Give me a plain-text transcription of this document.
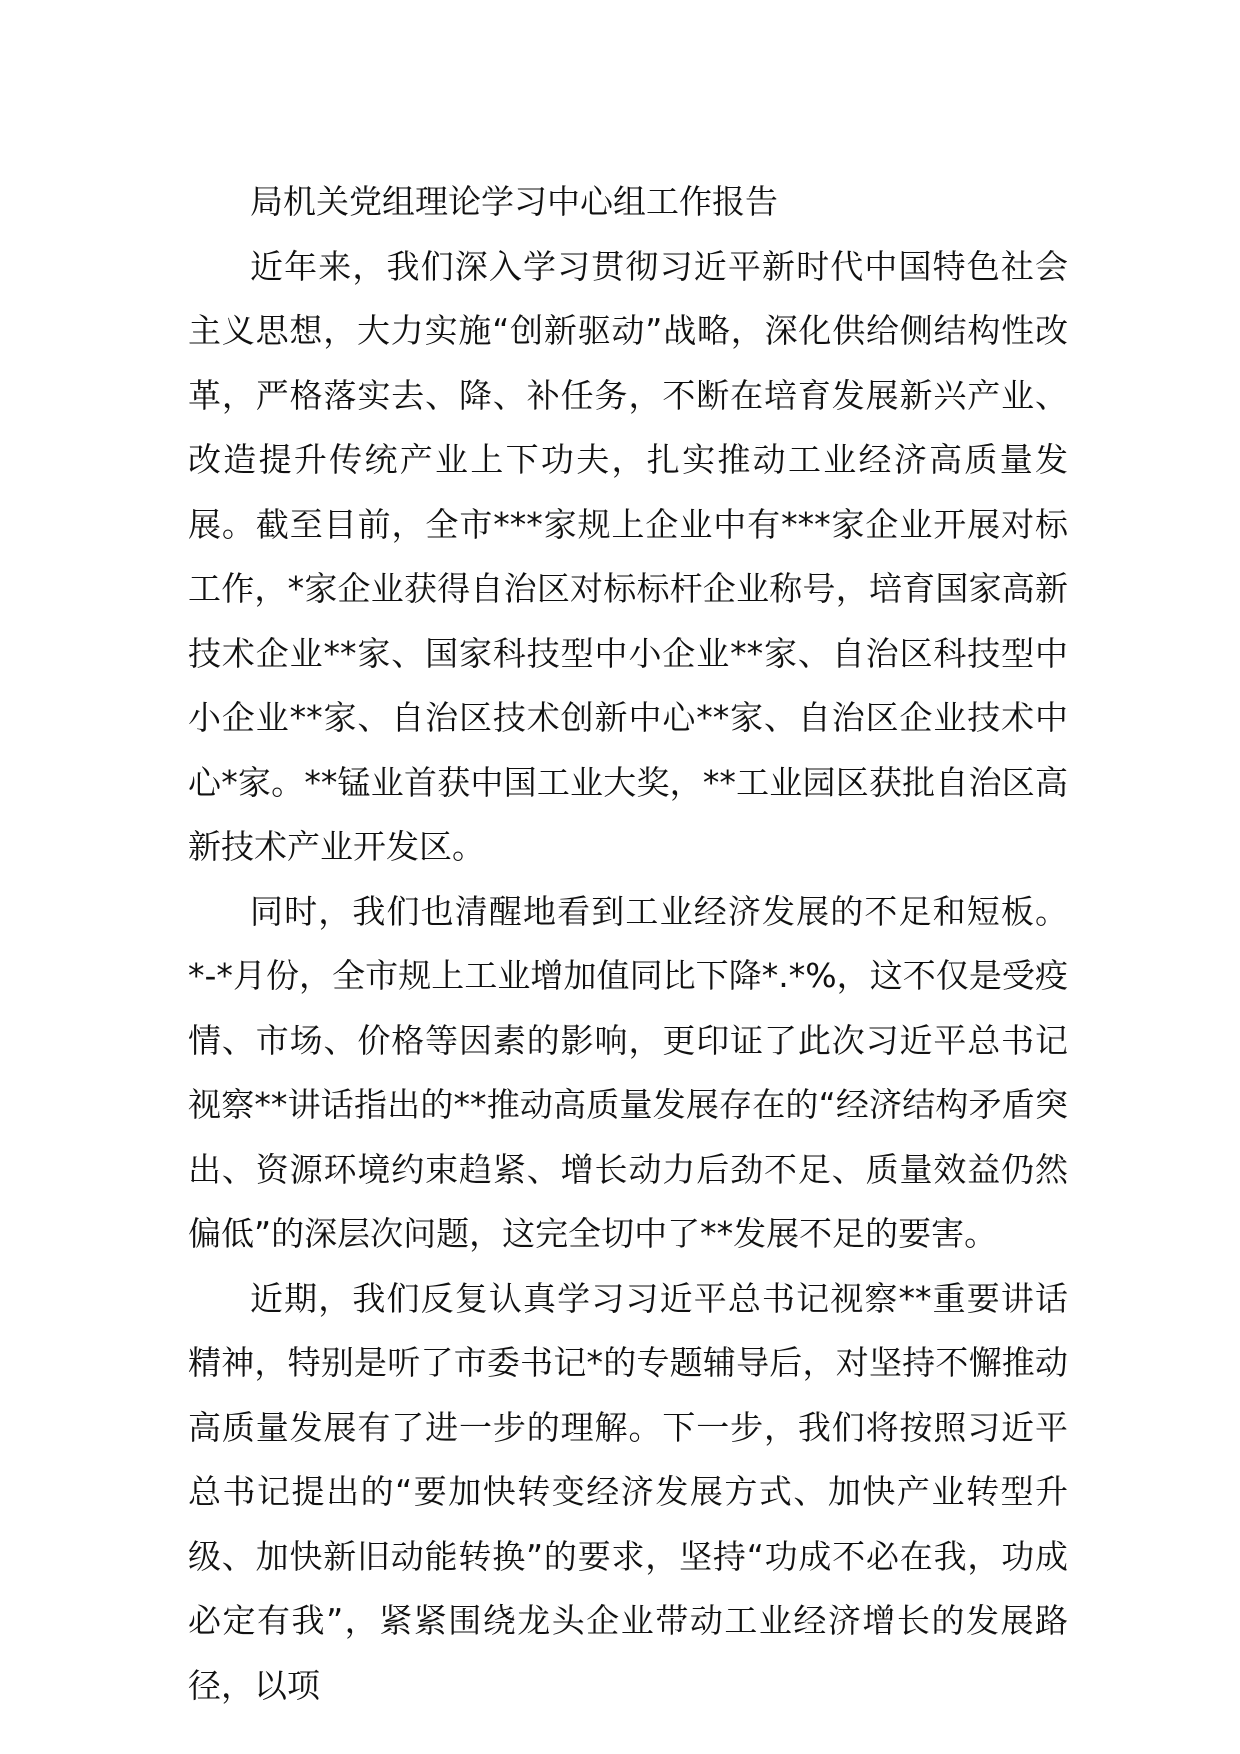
局机关党组理论学习中心组工作报告

近年来，我们深入学习贯彻习近平新时代中国特色社会主义思想，大力实施“创新驱动”战略，深化供给侧结构性改革，严格落实去、降、补任务，不断在培育发展新兴产业、改造提升传统产业上下功夫，扎实推动工业经济高质量发展。截至目前，全市***家规上企业中有***家企业开展对标工作，*家企业获得自治区对标标杆企业称号，培育国家高新技术企业**家、国家科技型中小企业**家、自治区科技型中小企业**家、自治区技术创新中心**家、自治区企业技术中心*家。**锰业首获中国工业大奖，**工业园区获批自治区高新技术产业开发区。

同时，我们也清醒地看到工业经济发展的不足和短板。*-*月份，全市规上工业增加值同比下降*.*%，这不仅是受疫情、市场、价格等因素的影响，更印证了此次习近平总书记视察**讲话指出的**推动高质量发展存在的“经济结构矛盾突出、资源环境约束趋紧、增长动力后劲不足、质量效益仍然偏低”的深层次问题，这完全切中了**发展不足的要害。

近期，我们反复认真学习习近平总书记视察**重要讲话精神，特别是听了市委书记*的专题辅导后，对坚持不懈推动高质量发展有了进一步的理解。下一步，我们将按照习近平总书记提出的“要加快转变经济发展方式、加快产业转型升级、加快新旧动能转换”的要求，坚持“功成不必在我，功成必定有我”，紧紧围绕龙头企业带动工业经济增长的发展路径，以项
